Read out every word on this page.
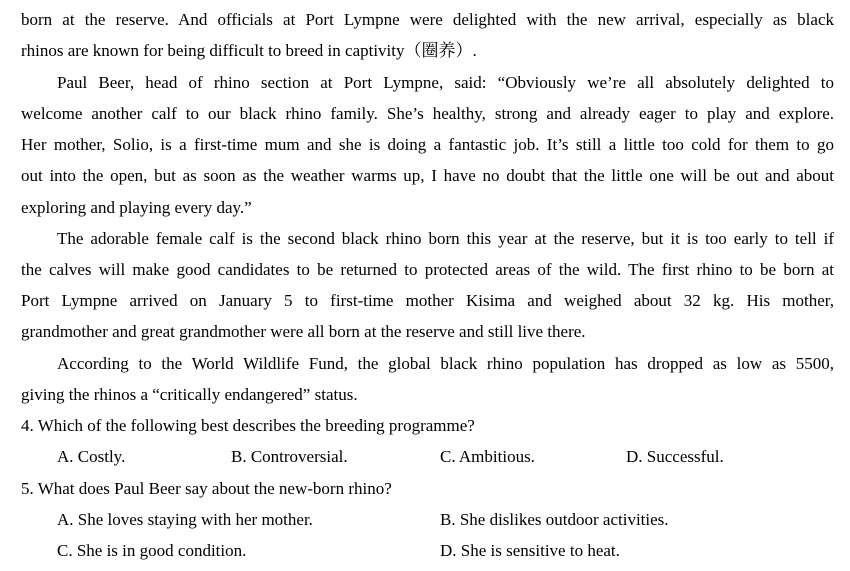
born at the reserve. And officials at Port Lympne were delighted with the new arrival, especially as black
rhinos are known for being difficult to breed in captivity（圈养）.
Paul Beer, head of rhino section at Port Lympne, said: “Obviously we’re all absolutely delighted to
welcome another calf to our black rhino family. She’s healthy, strong and already eager to play and explore.
Her mother, Solio, is a first-time mum and she is doing a fantastic job. It’s still a little too cold for them to go
out into the open, but as soon as the weather warms up, I have no doubt that the little one will be out and about
exploring and playing every day.”
The adorable female calf is the second black rhino born this year at the reserve, but it is too early to tell if
the calves will make good candidates to be returned to protected areas of the wild. The first rhino to be born at
Port Lympne arrived on January 5 to first-time mother Kisima and weighed about 32 kg. His mother,
grandmother and great grandmother were all born at the reserve and still live there.
According to the World Wildlife Fund, the global black rhino population has dropped as low as 5500,
giving the rhinos a “critically endangered” status.
4. Which of the following best describes the breeding programme?
A. Costly.	B. Controversial.	C. Ambitious.	D. Successful.
5. What does Paul Beer say about the new-born rhino?
A. She loves staying with her mother.	B. She dislikes outdoor activities.
C. She is in good condition.	D. She is sensitive to heat.
